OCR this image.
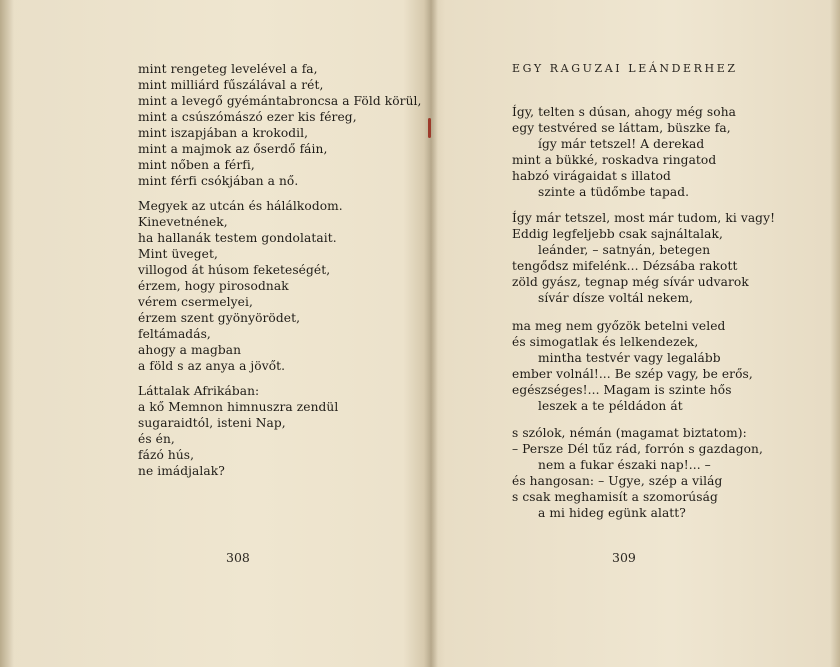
mint rengeteg levelével a fa,
mint milliárd fűszálával a rét,
mint a levegő gyémántabroncsa a Föld körül,
mint a csúszómászó ezer kis féreg,
mint iszapjában a krokodil,
mint a majmok az őserdő fáin,
mint nőben a férfi,
mint férfi csókjában a nő.
Megyek az utcán és hálálkodom.
Kinevetnének,
ha hallanák testem gondolatait.
Mint üveget,
villogod át húsom feketeségét,
érzem, hogy pirosodnak
vérem csermelyei,
érzem szent gyönyörödet,
feltámadás,
ahogy a magban
a föld s az anya a jövőt.
Láttalak Afrikában:
a kő Memnon himnuszra zendül
sugaraidtól, isteni Nap,
és én,
fázó hús,
ne imádjalak?
308
EGY RAGUZAI LEÁNDERHEZ
Így, telten s dúsan, ahogy még soha
egy testvéred se láttam, büszke fa,
így már tetszel! A derekad
mint a bükké, roskadva ringatod
habzó virágaidat s illatod
szinte a tüdőmbe tapad.
Így már tetszel, most már tudom, ki vagy!
Eddig legfeljebb csak sajnáltalak,
leánder, – satnyán, betegen
tengődsz mifelénk... Dézsába rakott
zöld gyász, tegnap még sívár udvarok
sívár dísze voltál nekem,
ma meg nem győzök betelni veled
és simogatlak és lelkendezek,
mintha testvér vagy legalább
ember volnál!... Be szép vagy, be erős,
egészséges!... Magam is szinte hős
leszek a te példádon át
s szólok, némán (magamat biztatom):
– Persze Dél tűz rád, forrón s gazdagon,
nem a fukar északi nap!... –
és hangosan: – Ugye, szép a világ
s csak meghamisít a szomorúság
a mi hideg egünk alatt?
309
